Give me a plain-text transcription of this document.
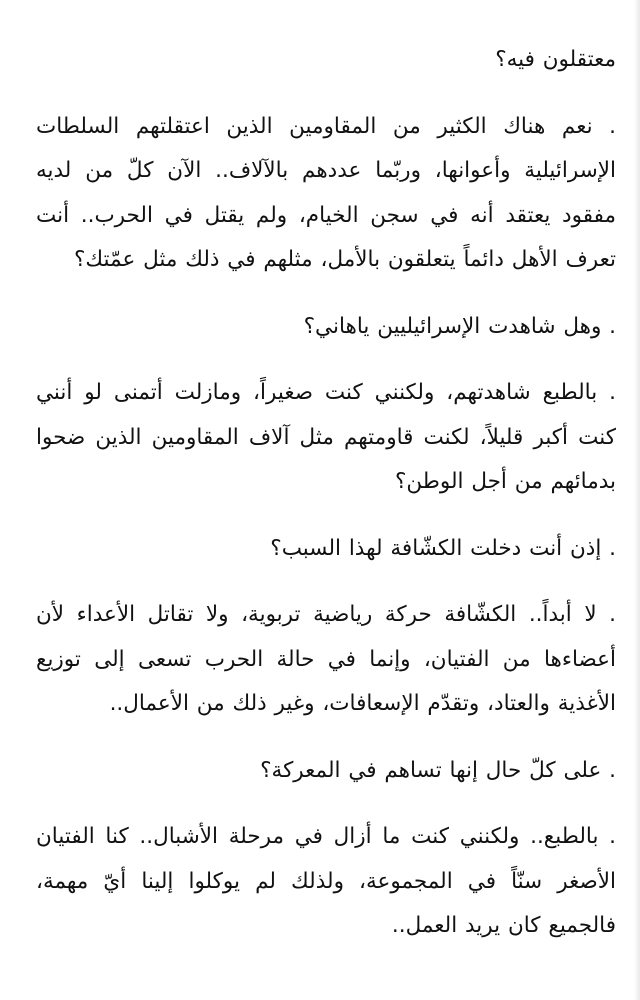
معتقلون فيه؟

. نعم هناك الكثير من المقاومين الذين اعتقلتهم السلطات الإسرائيلية وأعوانها، وربّما عددهم بالآلاف.. الآن كلّ من لديه مفقود يعتقد أنه في سجن الخيام، ولم يقتل في الحرب.. أنت تعرف الأهل دائماً يتعلقون بالأمل، مثلهم في ذلك مثل عمّتك؟

. وهل شاهدت الإسرائيليين ياهاني؟

. بالطبع شاهدتهم، ولكنني كنت صغيراً، ومازلت أتمنى لو أنني كنت أكبر قليلاً، لكنت قاومتهم مثل آلاف المقاومين الذين ضحوا بدمائهم من أجل الوطن؟

. إذن أنت دخلت الكشّافة لهذا السبب؟

. لا أبداً.. الكشّافة حركة رياضية تربوية، ولا تقاتل الأعداء لأن أعضاءها من الفتيان، وإنما في حالة الحرب تسعى إلى توزيع الأغذية والعتاد، وتقدّم الإسعافات، وغير ذلك من الأعمال..

. على كلّ حال إنها تساهم في المعركة؟

. بالطبع.. ولكنني كنت ما أزال في مرحلة الأشبال.. كنا الفتيان الأصغر سنّاً في المجموعة، ولذلك لم يوكلوا إلينا أيّ مهمة، فالجميع كان يريد العمل..
